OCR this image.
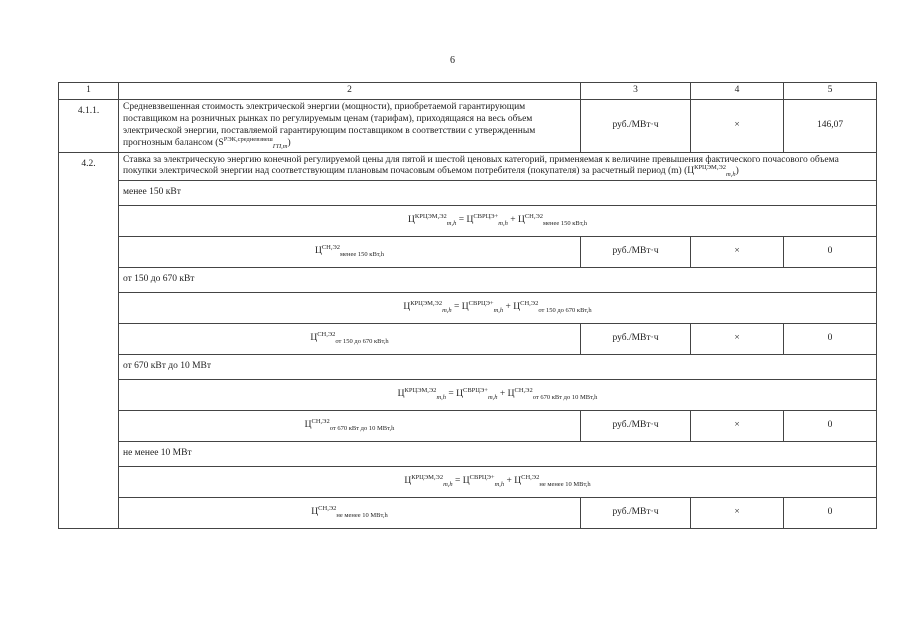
6
1	2	3	4	5
4.1.1.	Средневзвешенная стоимость электрической энергии (мощности), приобретаемой гарантирующим поставщиком на розничных рынках по регулируемым ценам (тарифам), приходящаяся на весь объем электрической энергии, поставляемой гарантирующим поставщиком в соответствии с утвержденным прогнозным балансом $(S^{РЭК,средневзвеш}_{ГП,m})$	руб./МВт·ч	×	146,07
4.2.	Ставка за электрическую энергию конечной регулируемой цены для пятой и шестой ценовых категорий, применяемая к величине превышения фактического почасового объема покупки электрической энергии над соответствующим плановым почасовым объемом потребителя (покупателя) за расчетный период (m) $(Ц^{КРЦЭМ,Э2}_{m,h})$			
	менее 150 кВт			
	$Ц^{КРЦЭМ,Э2}_{m,h} = Ц^{СВРЦЭ+}_{m,h} + Ц^{СН,Э2}_{менее 150 кВт,h}$
	$Ц^{СН,Э2}_{менее 150 кВт,h}$	руб./МВт·ч	×	0
	от 150 до 670 кВт			
	$Ц^{КРЦЭМ,Э2}_{m,h} = Ц^{СВРЦЭ+}_{m,h} + Ц^{СН,Э2}_{от 150 до 670 кВт,h}$
	$Ц^{СН,Э2}_{от 150 до 670 кВт,h}$	руб./МВт·ч	×	0
	от 670 кВт до 10 МВт			
	$Ц^{КРЦЭМ,Э2}_{m,h} = Ц^{СВРЦЭ+}_{m,h} + Ц^{СН,Э2}_{от 670 кВт до 10 МВт,h}$
	$Ц^{СН,Э2}_{от 670 кВт до 10 МВт,h}$	руб./МВт·ч	×	0
	не менее 10 МВт			
	$Ц^{КРЦЭМ,Э2}_{m,h} = Ц^{СВРЦЭ+}_{m,h} + Ц^{СН,Э2}_{не менее 10 МВт,h}$
	$Ц^{СН,Э2}_{не менее 10 МВт,h}$	руб./МВт·ч	×	0
